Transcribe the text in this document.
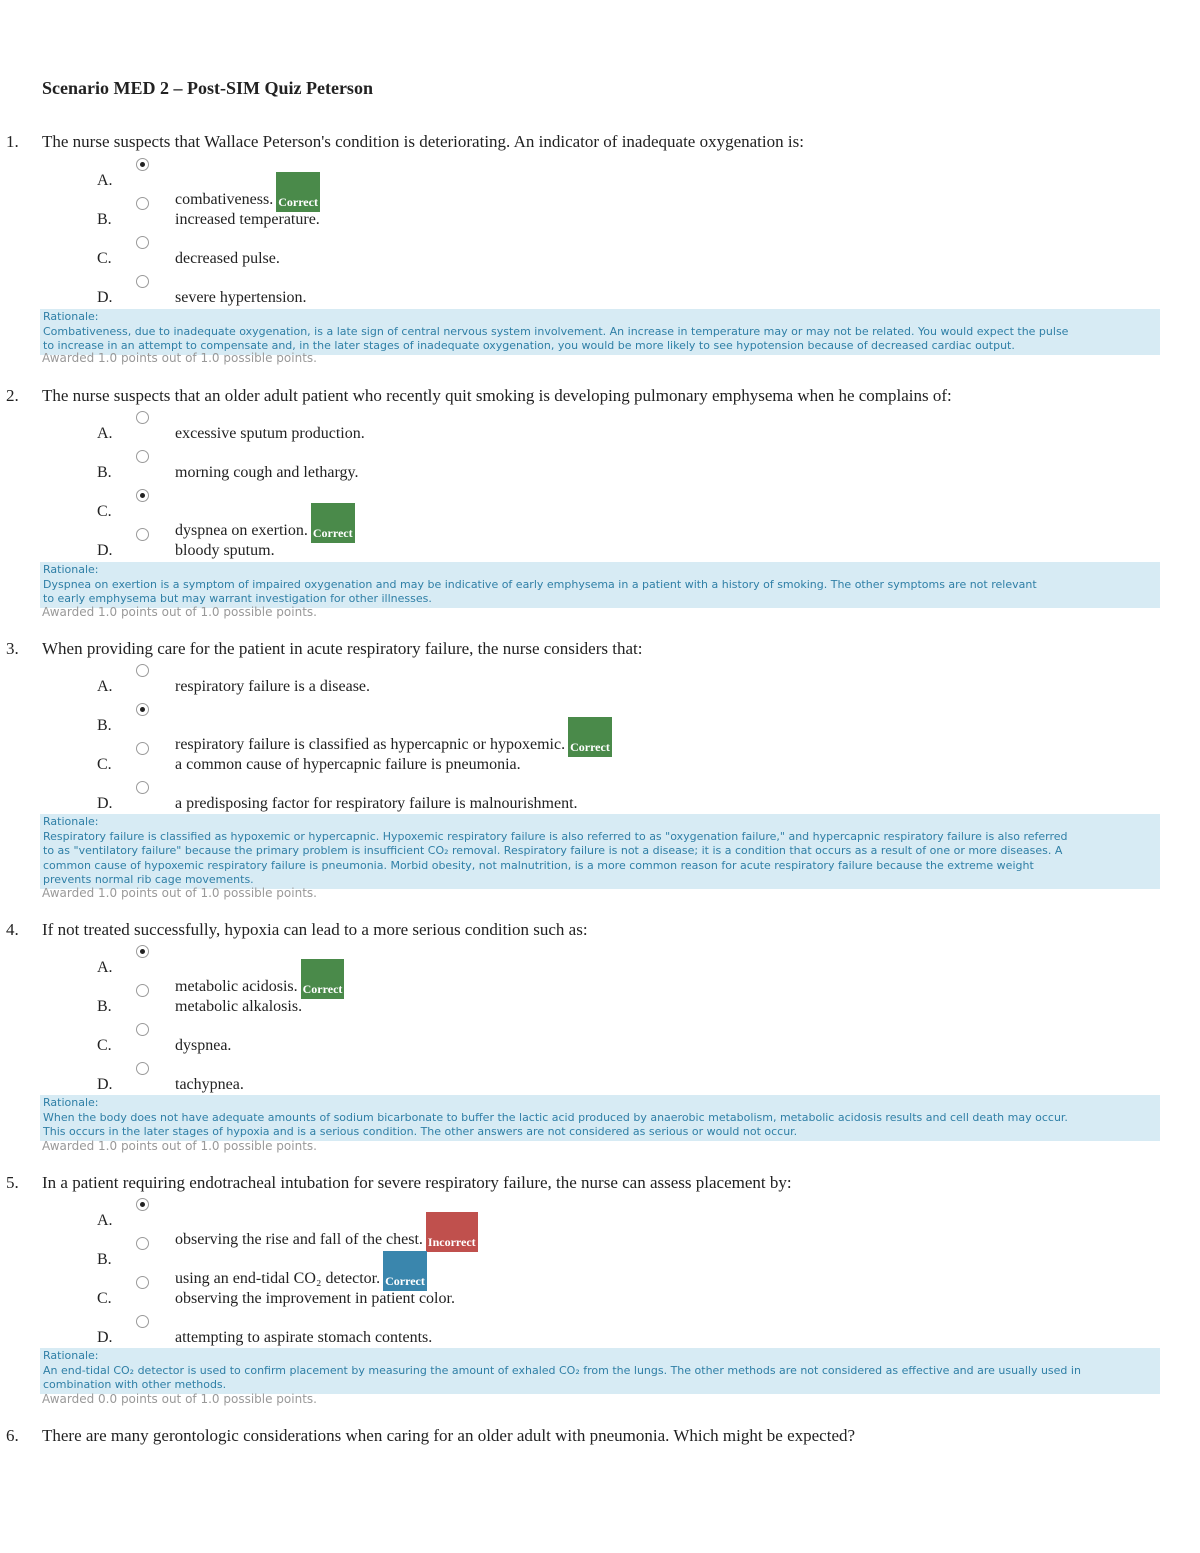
Scenario MED 2 – Post-SIM Quiz Peterson
1. The nurse suspects that Wallace Peterson's condition is deteriorating. An indicator of inadequate oxygenation is:
A.
combativeness. Correct
B.	increased temperature.
C.	decreased pulse.
D.	severe hypertension.
Rationale:
Combativeness, due to inadequate oxygenation, is a late sign of central nervous system involvement. An increase in temperature may or may not be related. You would expect the pulse
to increase in an attempt to compensate and, in the later stages of inadequate oxygenation, you would be more likely to see hypotension because of decreased cardiac output.
Awarded 1.0 points out of 1.0 possible points.
2. The nurse suspects that an older adult patient who recently quit smoking is developing pulmonary emphysema when he complains of:
A.	excessive sputum production.
B.	morning cough and lethargy.
C.
dyspnea on exertion. Correct
D.	bloody sputum.
Rationale:
Dyspnea on exertion is a symptom of impaired oxygenation and may be indicative of early emphysema in a patient with a history of smoking. The other symptoms are not relevant
to early emphysema but may warrant investigation for other illnesses.
Awarded 1.0 points out of 1.0 possible points.
3. When providing care for the patient in acute respiratory failure, the nurse considers that:
A.	respiratory failure is a disease.
B.
respiratory failure is classified as hypercapnic or hypoxemic. Correct
C.	a common cause of hypercapnic failure is pneumonia.
D.	a predisposing factor for respiratory failure is malnourishment.
Rationale:
Respiratory failure is classified as hypoxemic or hypercapnic. Hypoxemic respiratory failure is also referred to as "oxygenation failure," and hypercapnic respiratory failure is also referred
to as "ventilatory failure" because the primary problem is insufficient CO₂ removal. Respiratory failure is not a disease; it is a condition that occurs as a result of one or more diseases. A
common cause of hypoxemic respiratory failure is pneumonia. Morbid obesity, not malnutrition, is a more common reason for acute respiratory failure because the extreme weight
prevents normal rib cage movements.
Awarded 1.0 points out of 1.0 possible points.
4. If not treated successfully, hypoxia can lead to a more serious condition such as:
A.
metabolic acidosis. Correct
B.	metabolic alkalosis.
C.	dyspnea.
D.	tachypnea.
Rationale:
When the body does not have adequate amounts of sodium bicarbonate to buffer the lactic acid produced by anaerobic metabolism, metabolic acidosis results and cell death may occur.
This occurs in the later stages of hypoxia and is a serious condition. The other answers are not considered as serious or would not occur.
Awarded 1.0 points out of 1.0 possible points.
5. In a patient requiring endotracheal intubation for severe respiratory failure, the nurse can assess placement by:
A.
observing the rise and fall of the chest. Incorrect
B.
using an end-tidal CO₂ detector. Correct
C.	observing the improvement in patient color.
D.	attempting to aspirate stomach contents.
Rationale:
An end-tidal CO₂ detector is used to confirm placement by measuring the amount of exhaled CO₂ from the lungs. The other methods are not considered as effective and are usually used in
combination with other methods.
Awarded 0.0 points out of 1.0 possible points.
6. There are many gerontologic considerations when caring for an older adult with pneumonia. Which might be expected?
